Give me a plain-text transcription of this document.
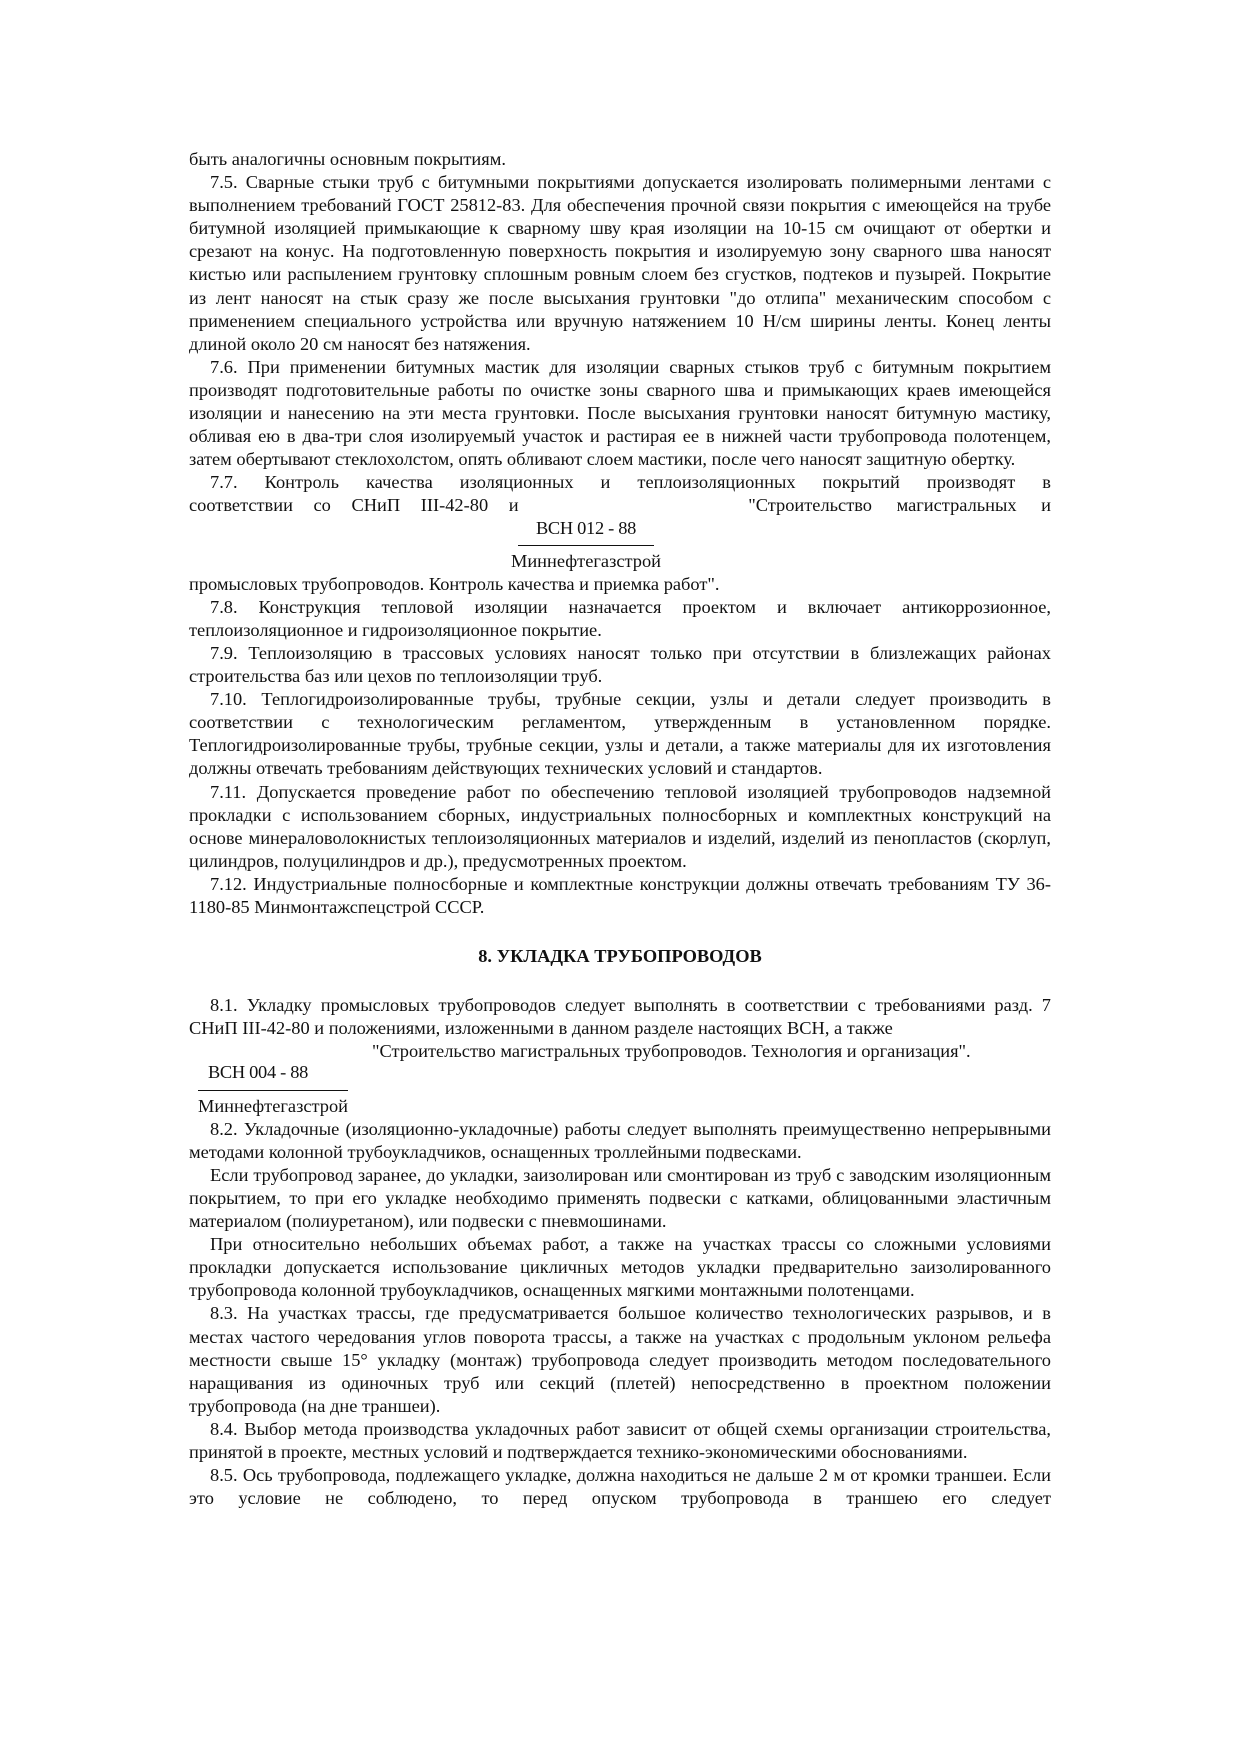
быть аналогичны основным покрытиям.

7.5. Сварные стыки труб с битумными покрытиями допускается изолировать полимерными лентами с выполнением требований ГОСТ 25812-83. Для обеспечения прочной связи покрытия с имеющейся на трубе битумной изоляцией примыкающие к сварному шву края изоляции на 10-15 см очищают от обертки и срезают на конус. На подготовленную поверхность покрытия и изолируемую зону сварного шва наносят кистью или распылением грунтовку сплошным ровным слоем без сгустков, подтеков и пузырей. Покрытие из лент наносят на стык сразу же после высыхания грунтовки "до отлипа" механическим способом с применением специального устройства или вручную натяжением 10 Н/см ширины ленты. Конец ленты длиной около 20 см наносят без натяжения.

7.6. При применении битумных мастик для изоляции сварных стыков труб с битумным покрытием производят подготовительные работы по очистке зоны сварного шва и примыкающих краев имеющейся изоляции и нанесению на эти места грунтовки. После высыхания грунтовки наносят битумную мастику, обливая ею в два-три слоя изолируемый участок и растирая ее в нижней части трубопровода полотенцем, затем обертывают стеклохолстом, опять обливают слоем мастики, после чего наносят защитную обертку.

7.7. Контроль качества изоляционных и теплоизоляционных покрытий производят в

соответствии со СНиП III-42-80 и	"Строительство магистральных и
ВСН 012 - 88
Миннефтегазстрой

промысловых трубопроводов. Контроль качества и приемка работ".

7.8. Конструкция тепловой изоляции назначается проектом и включает антикоррозионное, теплоизоляционное и гидроизоляционное покрытие.

7.9. Теплоизоляцию в трассовых условиях наносят только при отсутствии в близлежащих районах строительства баз или цехов по теплоизоляции труб.

7.10. Теплогидроизолированные трубы, трубные секции, узлы и детали следует производить в соответствии с технологическим регламентом, утвержденным в установленном порядке. Теплогидроизолированные трубы, трубные секции, узлы и детали, а также материалы для их изготовления должны отвечать требованиям действующих технических условий и стандартов.

7.11. Допускается проведение работ по обеспечению тепловой изоляцией трубопроводов надземной прокладки с использованием сборных, индустриальных полносборных и комплектных конструкций на основе минераловолокнистых теплоизоляционных материалов и изделий, изделий из пенопластов (скорлуп, цилиндров, полуцилиндров и др.), предусмотренных проектом.

7.12. Индустриальные полносборные и комплектные конструкции должны отвечать требованиям ТУ 36-1180-85 Минмонтажспецстрой СССР.

8. УКЛАДКА ТРУБОПРОВОДОВ

8.1. Укладку промысловых трубопроводов следует выполнять в соответствии с требованиями разд. 7 СНиП III-42-80 и положениями, изложенными в данном разделе настоящих ВСН, а также

"Строительство магистральных трубопроводов. Технология и организация".

ВСН 004 - 88
Миннефтегазстрой

8.2. Укладочные (изоляционно-укладочные) работы следует выполнять преимущественно непрерывными методами колонной трубоукладчиков, оснащенных троллейными подвесками.

Если трубопровод заранее, до укладки, заизолирован или смонтирован из труб с заводским изоляционным покрытием, то при его укладке необходимо применять подвески с катками, облицованными эластичным материалом (полиуретаном), или подвески с пневмошинами.

При относительно небольших объемах работ, а также на участках трассы со сложными условиями прокладки допускается использование цикличных методов укладки предварительно заизолированного трубопровода колонной трубоукладчиков, оснащенных мягкими монтажными полотенцами.

8.3. На участках трассы, где предусматривается большое количество технологических разрывов, и в местах частого чередования углов поворота трассы, а также на участках с продольным уклоном рельефа местности свыше 15° укладку (монтаж) трубопровода следует производить методом последовательного наращивания из одиночных труб или секций (плетей) непосредственно в проектном положении трубопровода (на дне траншеи).

8.4. Выбор метода производства укладочных работ зависит от общей схемы организации строительства, принятой в проекте, местных условий и подтверждается технико-экономическими обоснованиями.

8.5. Ось трубопровода, подлежащего укладке, должна находиться не дальше 2 м от кромки траншеи. Если это условие не соблюдено, то перед опуском трубопровода в траншею его следует
